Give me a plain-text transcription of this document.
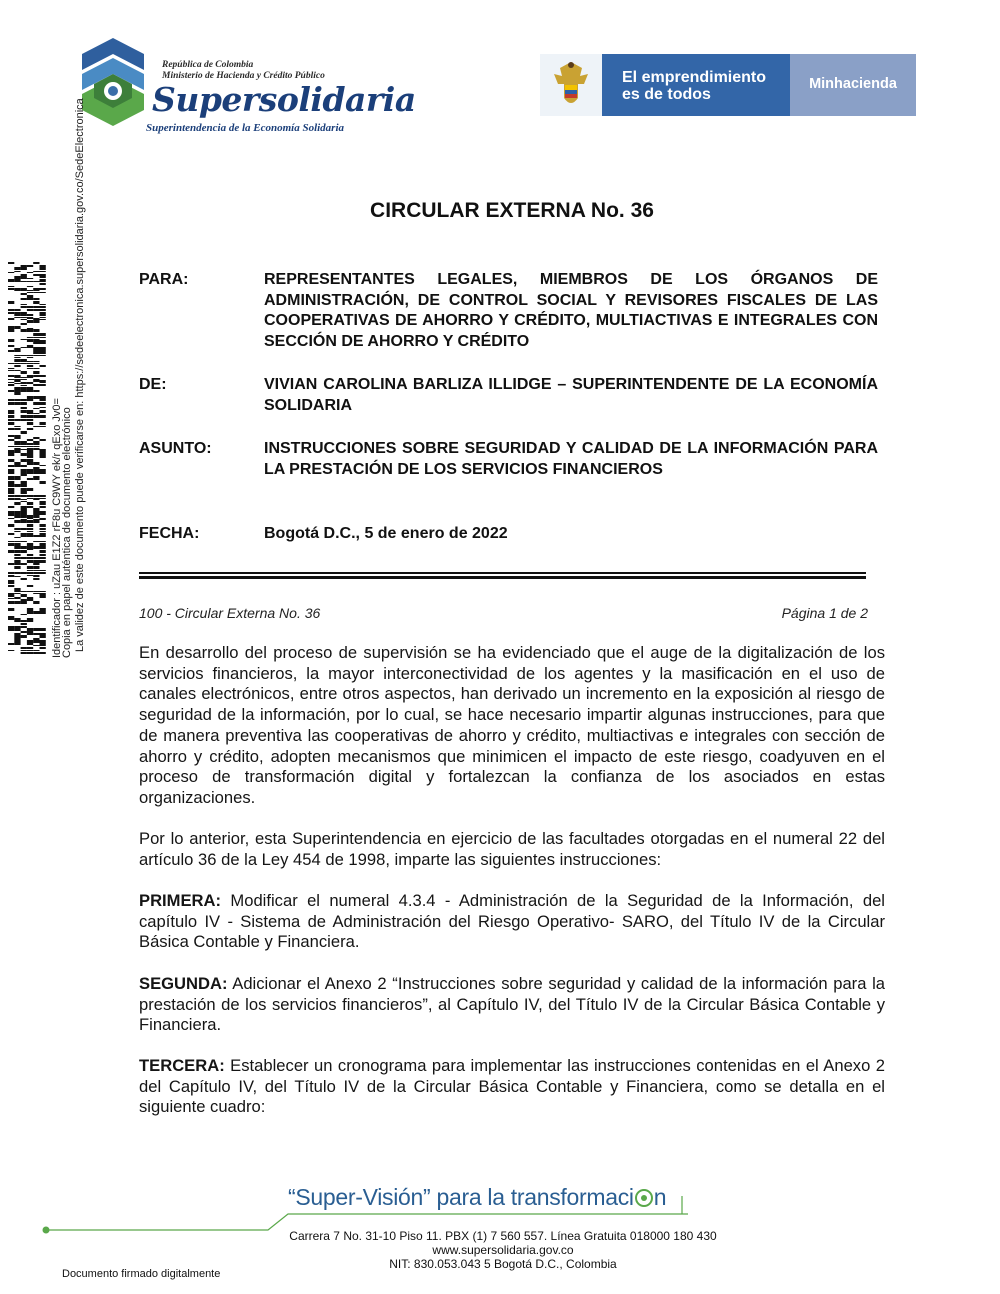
República de Colombia
Ministerio de Hacienda y Crédito Público
Supersolidaria
Superintendencia de la Economía Solidaria
El emprendimiento
es de todos
Minhacienda
Identificador : uZau E1Z2 rF8u C9WY ek/r qExo Jv0=
Copia en papel auténtica de documento electrónico La validez de este documento puede verificarse en: https://sedeelectronica.supersolidaria.gov.co/SedeElectronica	CIRCULAR EXTERNA No. 36
PARA:	REPRESENTANTES LEGALES, MIEMBROS DE LOS ÓRGANOS DE ADMINISTRACIÓN, DE CONTROL SOCIAL Y REVISORES FISCALES DE LAS COOPERATIVAS DE AHORRO Y CRÉDITO, MULTIACTIVAS E INTEGRALES CON SECCIÓN DE AHORRO Y CRÉDITO
DE:	VIVIAN CAROLINA BARLIZA ILLIDGE – SUPERINTENDENTE DE LA ECONOMÍA SOLIDARIA
ASUNTO:	INSTRUCCIONES SOBRE SEGURIDAD Y CALIDAD DE LA INFORMACIÓN PARA LA PRESTACIÓN DE LOS SERVICIOS FINANCIEROS
FECHA:	Bogotá D.C., 5 de enero de 2022
100 - Circular Externa No. 36	Página 1 de 2
En desarrollo del proceso de supervisión se ha evidenciado que el auge de la digitalización de los servicios financieros, la mayor interconectividad de los agentes y la masificación en el uso de canales electrónicos, entre otros aspectos, han derivado un incremento en la exposición al riesgo de seguridad de la información, por lo cual, se hace necesario impartir algunas instrucciones, para que de manera preventiva las cooperativas de ahorro y crédito, multiactivas e integrales con sección de ahorro y crédito, adopten mecanismos que minimicen el impacto de este riesgo, coadyuven en el proceso de transformación digital y fortalezcan la confianza de los asociados en estas organizaciones.
Por lo anterior, esta Superintendencia en ejercicio de las facultades otorgadas en el numeral 22 del artículo 36 de la Ley 454 de 1998, imparte las siguientes instrucciones:
PRIMERA: Modificar el numeral 4.3.4 - Administración de la Seguridad de la Información, del capítulo IV - Sistema de Administración del Riesgo Operativo- SARO, del Título IV de la Circular Básica Contable y Financiera.
SEGUNDA: Adicionar el Anexo 2 “Instrucciones sobre seguridad y calidad de la información para la prestación de los servicios financieros”, al Capítulo IV, del Título IV de la Circular Básica Contable y Financiera.
TERCERA: Establecer un cronograma para implementar las instrucciones contenidas en el Anexo 2 del Capítulo IV, del Título IV de la Circular Básica Contable y Financiera, como se detalla en el siguiente cuadro:
“Super-Visión” para la transformaci n
Carrera 7 No. 31-10 Piso 11. PBX (1) 7 560 557. Línea Gratuita 018000 180 430
www.supersolidaria.gov.co
NIT: 830.053.043 5 Bogotá D.C., Colombia
Documento firmado digitalmente
